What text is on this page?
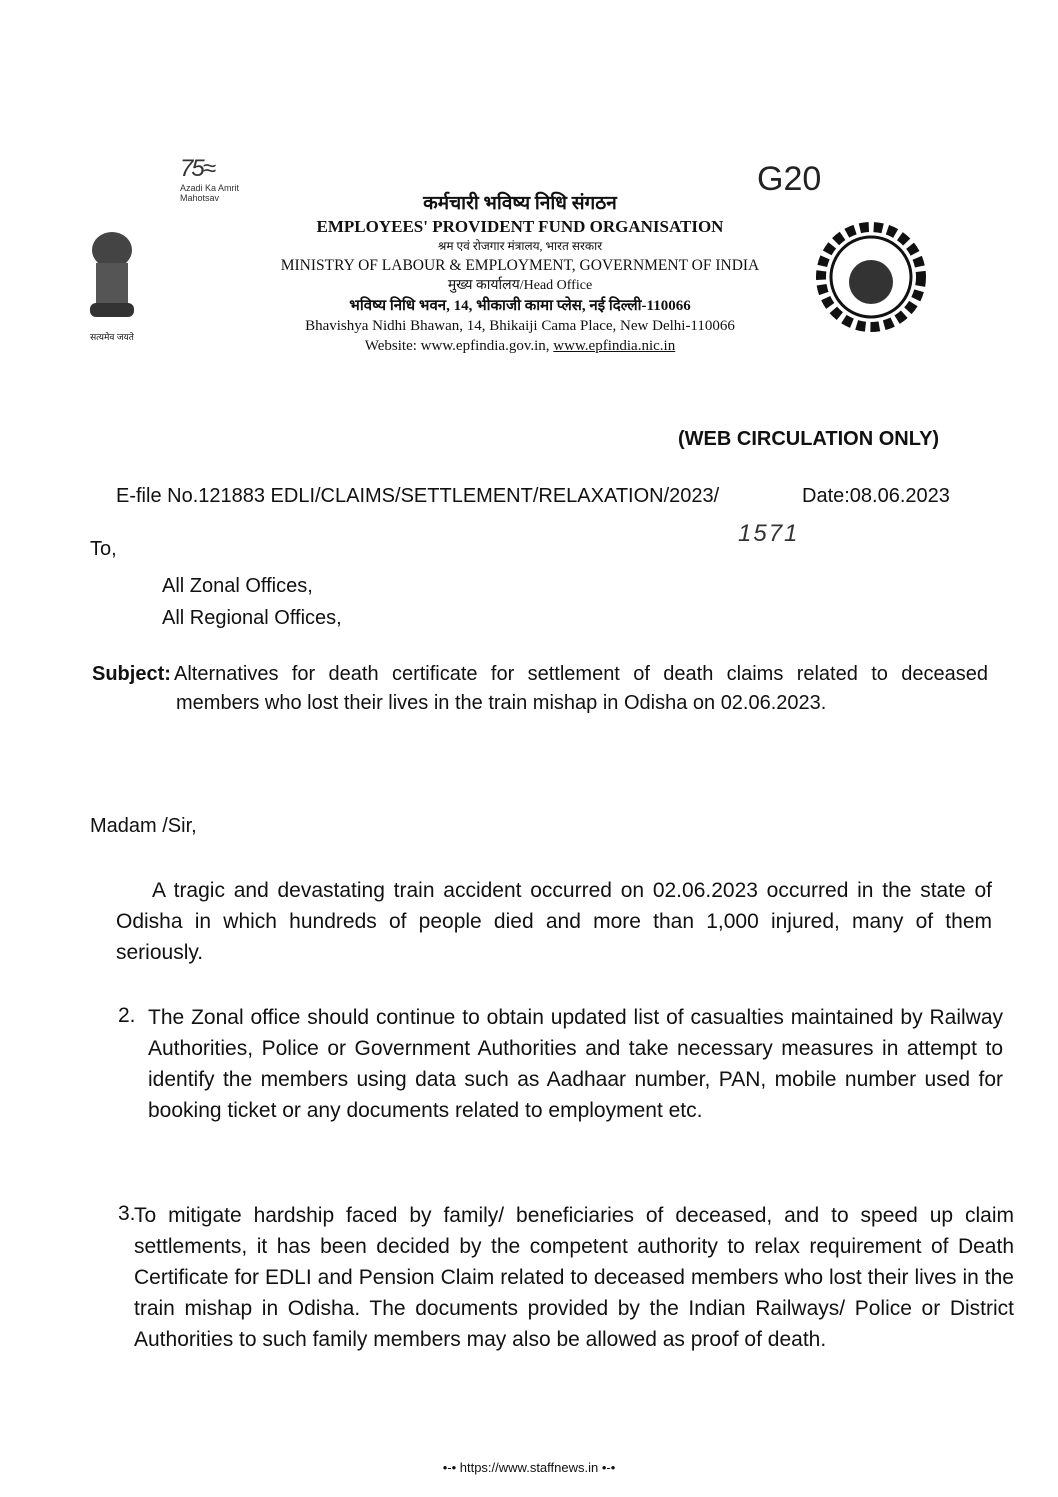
75≈
Azadi Ka Amrit Mahotsav	G20
सत्यमेव जयते
कर्मचारी भविष्य निधि संगठन
EMPLOYEES' PROVIDENT FUND ORGANISATION
श्रम एवं रोजगार मंत्रालय, भारत सरकार
MINISTRY OF LABOUR & EMPLOYMENT, GOVERNMENT OF INDIA
मुख्य कार्यालय/Head Office
भविष्य निधि भवन, 14, भीकाजी कामा प्लेस, नई दिल्ली-110066
Bhavishya Nidhi Bhawan, 14, Bhikaiji Cama Place, New Delhi-110066
Website: www.epfindia.gov.in, www.epfindia.nic.in
(WEB CIRCULATION ONLY)
E-file No.121883 EDLI/CLAIMS/SETTLEMENT/RELAXATION/2023/	Date:08.06.2023
1571
To,
All Zonal Offices,
All Regional Offices,
Subject: Alternatives for death certificate for settlement of death claims related to deceased members who lost their lives in the train mishap in Odisha on 02.06.2023.
Madam /Sir,
A tragic and devastating train accident occurred on 02.06.2023 occurred in the state of Odisha in which hundreds of people died and more than 1,000 injured, many of them seriously.
2. The Zonal office should continue to obtain updated list of casualties maintained by Railway Authorities, Police or Government Authorities and take necessary measures in attempt to identify the members using data such as Aadhaar number, PAN, mobile number used for booking ticket or any documents related to employment etc.
3.
To mitigate hardship faced by family/ beneficiaries of deceased, and to speed up claim settlements, it has been decided by the competent authority to relax requirement of Death Certificate for EDLI and Pension Claim related to deceased members who lost their lives in the train mishap in Odisha. The documents provided by the Indian Railways/ Police or District Authorities to such family members may also be allowed as proof of death.
•-• https://www.staffnews.in •-•
